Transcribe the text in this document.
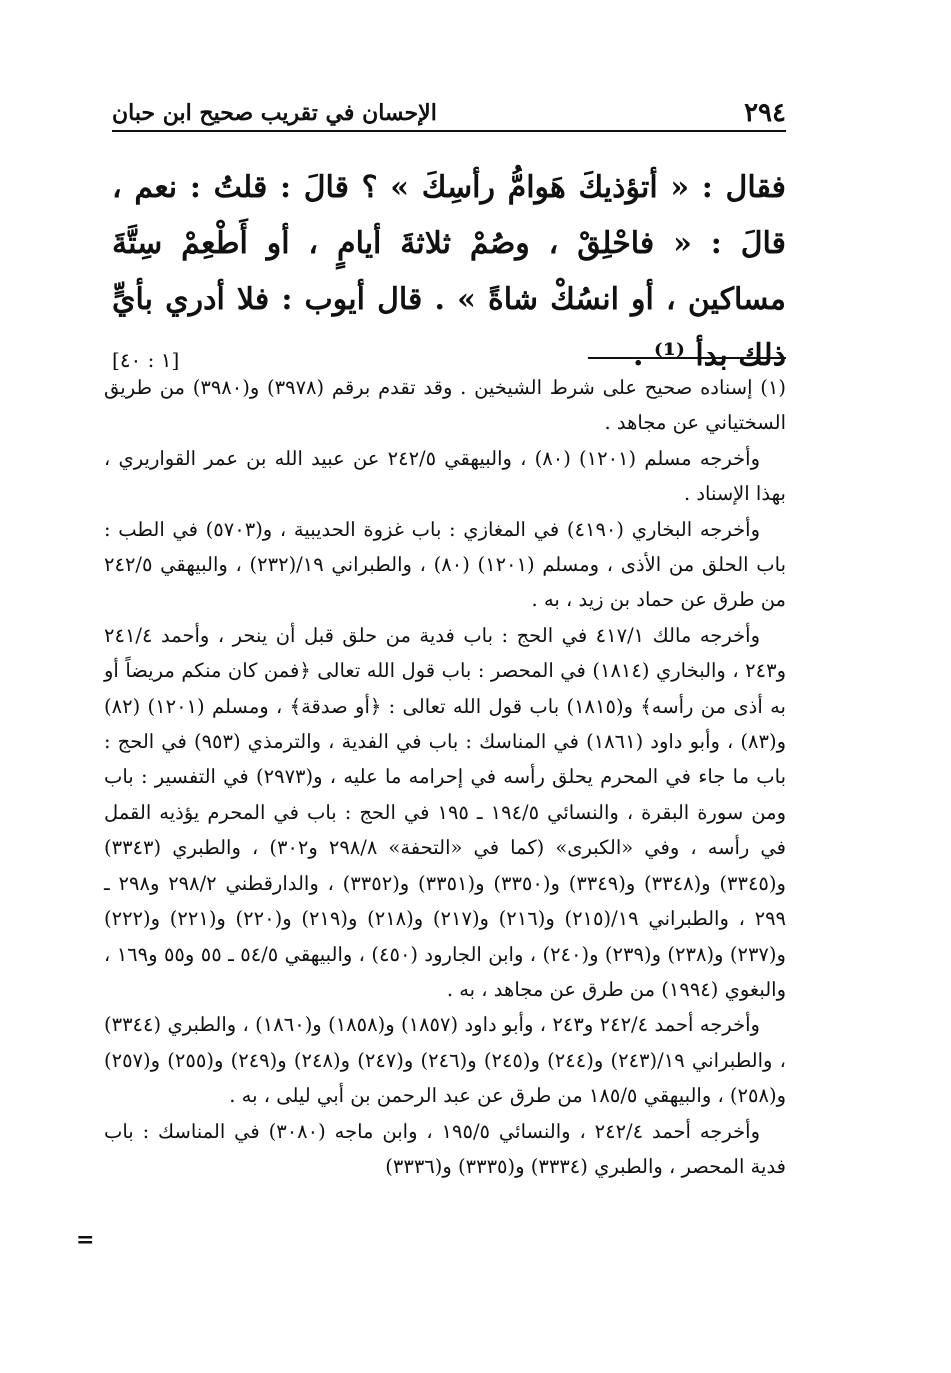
٢٩٤
الإحسان في تقريب صحيح ابن حبان

فقال : « أتؤذيكَ هَوامُّ رأسِكَ » ؟ قالَ : قلتُ : نعم ، قالَ : « فاحْلِقْ ، وصُمْ ثلاثةَ أيامٍ ، أو أَطْعِمْ سِتَّةَ مساكين ، أو انسُكْ شاةً » . قال أيوب : فلا أدري بأيٍّ ذلك بدأ ⁽¹⁾ .
[١ : ٤٠]

(١) إسناده صحيح على شرط الشيخين . وقد تقدم برقم (٣٩٧٨) و(٣٩٨٠) من طريق السختياني عن مجاهد .

وأخرجه مسلم (١٢٠١) (٨٠) ، والبيهقي ٢٤٢/٥ عن عبيد الله بن عمر القواريري ، بهذا الإسناد .

وأخرجه البخاري (٤١٩٠) في المغازي : باب غزوة الحديبية ، و(٥٧٠٣) في الطب : باب الحلق من الأذى ، ومسلم (١٢٠١) (٨٠) ، والطبراني ١٩/(٢٣٢) ، والبيهقي ٢٤٢/٥ من طرق عن حماد بن زيد ، به .

وأخرجه مالك ٤١٧/١ في الحج : باب فدية من حلق قبل أن ينحر ، وأحمد ٢٤١/٤ و٢٤٣ ، والبخاري (١٨١٤) في المحصر : باب قول الله تعالى ﴿فمن كان منكم مريضاً أو به أذى من رأسه﴾ و(١٨١٥) باب قول الله تعالى : ﴿أو صدقة﴾ ، ومسلم (١٢٠١) (٨٢) و(٨٣) ، وأبو داود (١٨٦١) في المناسك : باب في الفدية ، والترمذي (٩٥٣) في الحج : باب ما جاء في المحرم يحلق رأسه في إحرامه ما عليه ، و(٢٩٧٣) في التفسير : باب ومن سورة البقرة ، والنسائي ١٩٤/٥ ـ ١٩٥ في الحج : باب في المحرم يؤذيه القمل في رأسه ، وفي «الكبرى» (كما في «التحفة» ٢٩٨/٨ و٣٠٢) ، والطبري (٣٣٤٣) و(٣٣٤٥) و(٣٣٤٨) و(٣٣٤٩) و(٣٣٥٠) و(٣٣٥١) و(٣٣٥٢) ، والدارقطني ٢٩٨/٢ و٢٩٨ ـ ٢٩٩ ، والطبراني ١٩/(٢١٥) و(٢١٦) و(٢١٧) و(٢١٨) و(٢١٩) و(٢٢٠) و(٢٢١) و(٢٢٢) و(٢٣٧) و(٢٣٨) و(٢٣٩) و(٢٤٠) ، وابن الجارود (٤٥٠) ، والبيهقي ٥٤/٥ ـ ٥٥ و٥٥ و١٦٩ ، والبغوي (١٩٩٤) من طرق عن مجاهد ، به .

وأخرجه أحمد ٢٤٢/٤ و٢٤٣ ، وأبو داود (١٨٥٧) و(١٨٥٨) و(١٨٦٠) ، والطبري (٣٣٤٤) ، والطبراني ١٩/(٢٤٣) و(٢٤٤) و(٢٤٥) و(٢٤٦) و(٢٤٧) و(٢٤٨) و(٢٤٩) و(٢٥٥) و(٢٥٧) و(٢٥٨) ، والبيهقي ١٨٥/٥ من طرق عن عبد الرحمن بن أبي ليلى ، به .

وأخرجه أحمد ٢٤٢/٤ ، والنسائي ١٩٥/٥ ، وابن ماجه (٣٠٨٠) في المناسك : باب فدية المحصر ، والطبري (٣٣٣٤) و(٣٣٣٥) و(٣٣٣٦)

=
